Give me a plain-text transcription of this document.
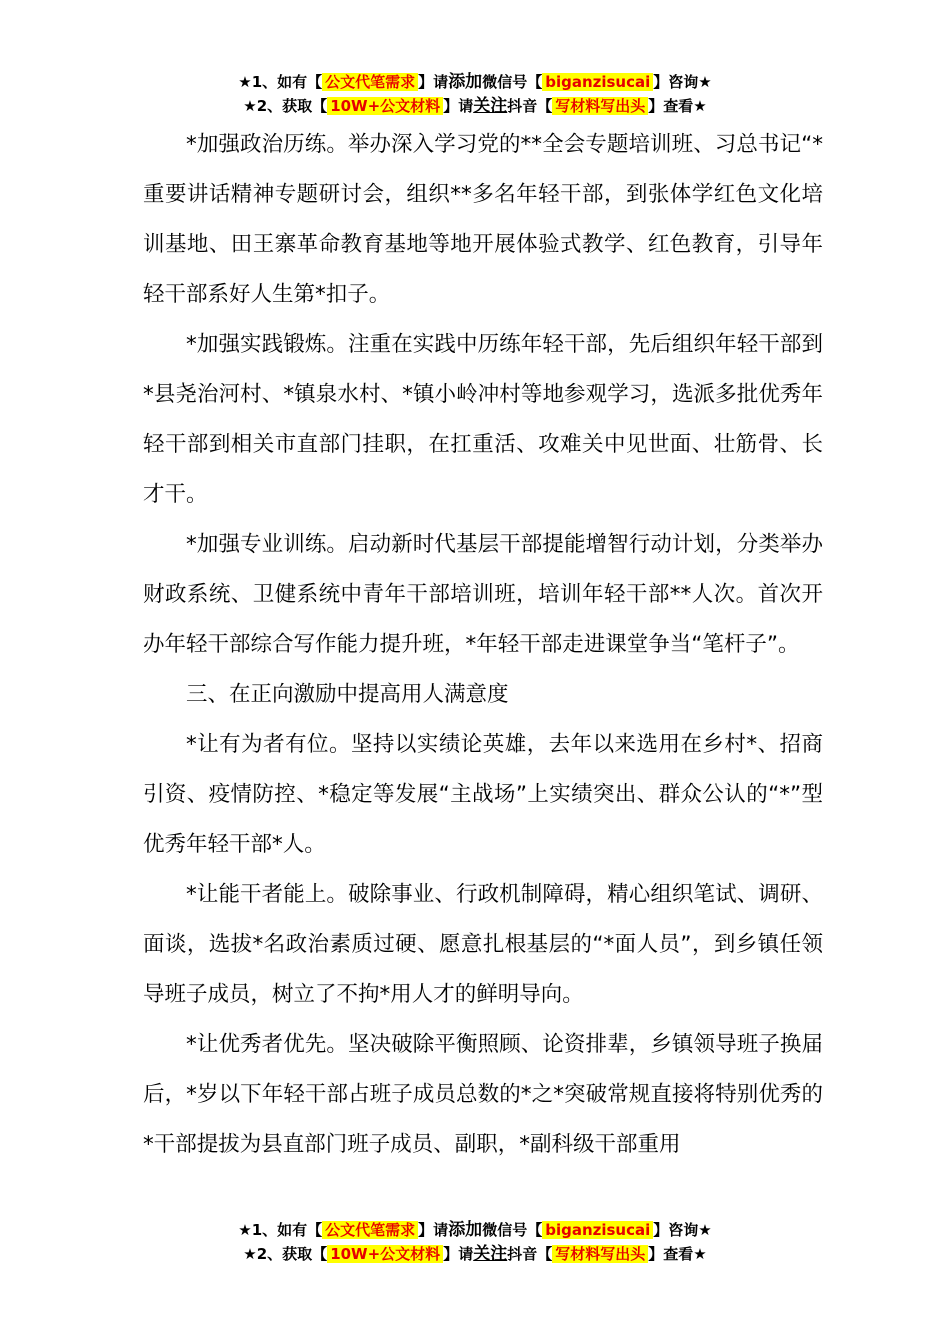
★1、如有【 公文代笔需求 】请添加微信号【 biganzisucai 】咨询★
★2、获取【 10W+公文材料 】请关注抖音【 写材料写出头 】查看★

*加强政治历练。举办深入学习党的**全会专题培训班、习总书记“*重要讲话精神专题研讨会，组织**多名年轻干部，到张体学红色文化培训基地、田王寨革命教育基地等地开展体验式教学、红色教育，引导年轻干部系好人生第*扣子。

*加强实践锻炼。注重在实践中历练年轻干部，先后组织年轻干部到*县尧治河村、*镇泉水村、*镇小岭冲村等地参观学习，选派多批优秀年轻干部到相关市直部门挂职，在扛重活、攻难关中见世面、壮筋骨、长才干。

*加强专业训练。启动新时代基层干部提能增智行动计划，分类举办财政系统、卫健系统中青年干部培训班，培训年轻干部**人次。首次开办年轻干部综合写作能力提升班，*年轻干部走进课堂争当“笔杆子”。

三、在正向激励中提高用人满意度

*让有为者有位。坚持以实绩论英雄，去年以来选用在乡村*、招商引资、疫情防控、*稳定等发展“主战场”上实绩突出、群众公认的“*”型优秀年轻干部*人。

*让能干者能上。破除事业、行政机制障碍，精心组织笔试、调研、面谈，选拔*名政治素质过硬、愿意扎根基层的“*面人员”，到乡镇任领导班子成员，树立了不拘*用人才的鲜明导向。

*让优秀者优先。坚决破除平衡照顾、论资排辈，乡镇领导班子换届后，*岁以下年轻干部占班子成员总数的*之*突破常规直接将特别优秀的*干部提拔为县直部门班子成员、副职，*副科级干部重用

★1、如有【 公文代笔需求 】请添加微信号【 biganzisucai 】咨询★
★2、获取【 10W+公文材料 】请关注抖音【 写材料写出头 】查看★
